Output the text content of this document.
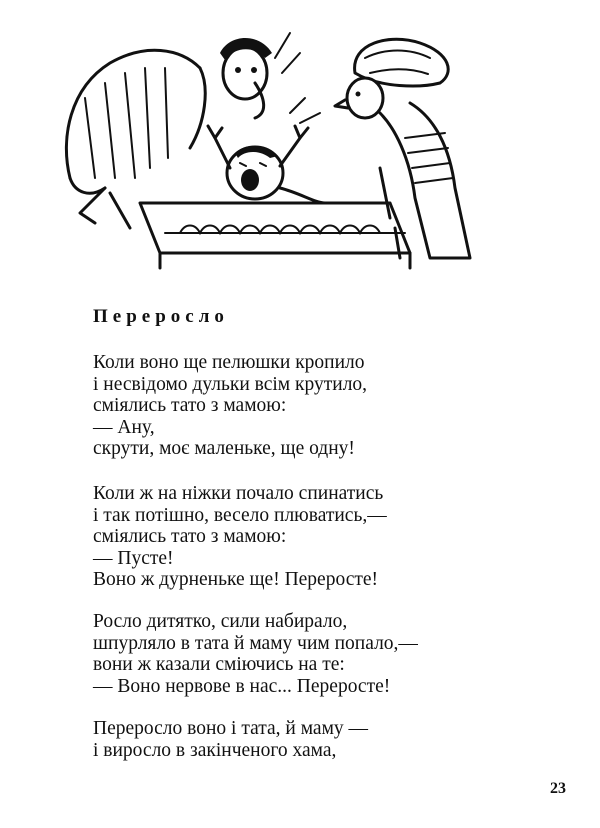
Переросло
Коли воно ще пелюшки кропило
і несвідомо дульки всім крутило,
сміялись тато з мамою:
— Ану,
скрути, моє маленьке, ще одну!
Коли ж на ніжки почало спинатись
і так потішно, весело плюватись,—
сміялись тато з мамою:
— Пусте!
Воно ж дурненьке ще! Переросте!
Росло дитятко, сили набирало,
шпурляло в тата й маму чим попало,—
вони ж казали сміючись на те:
— Воно нервове в нас... Переросте!
Переросло воно і тата, й маму —
і виросло в закінченого хама,
23
